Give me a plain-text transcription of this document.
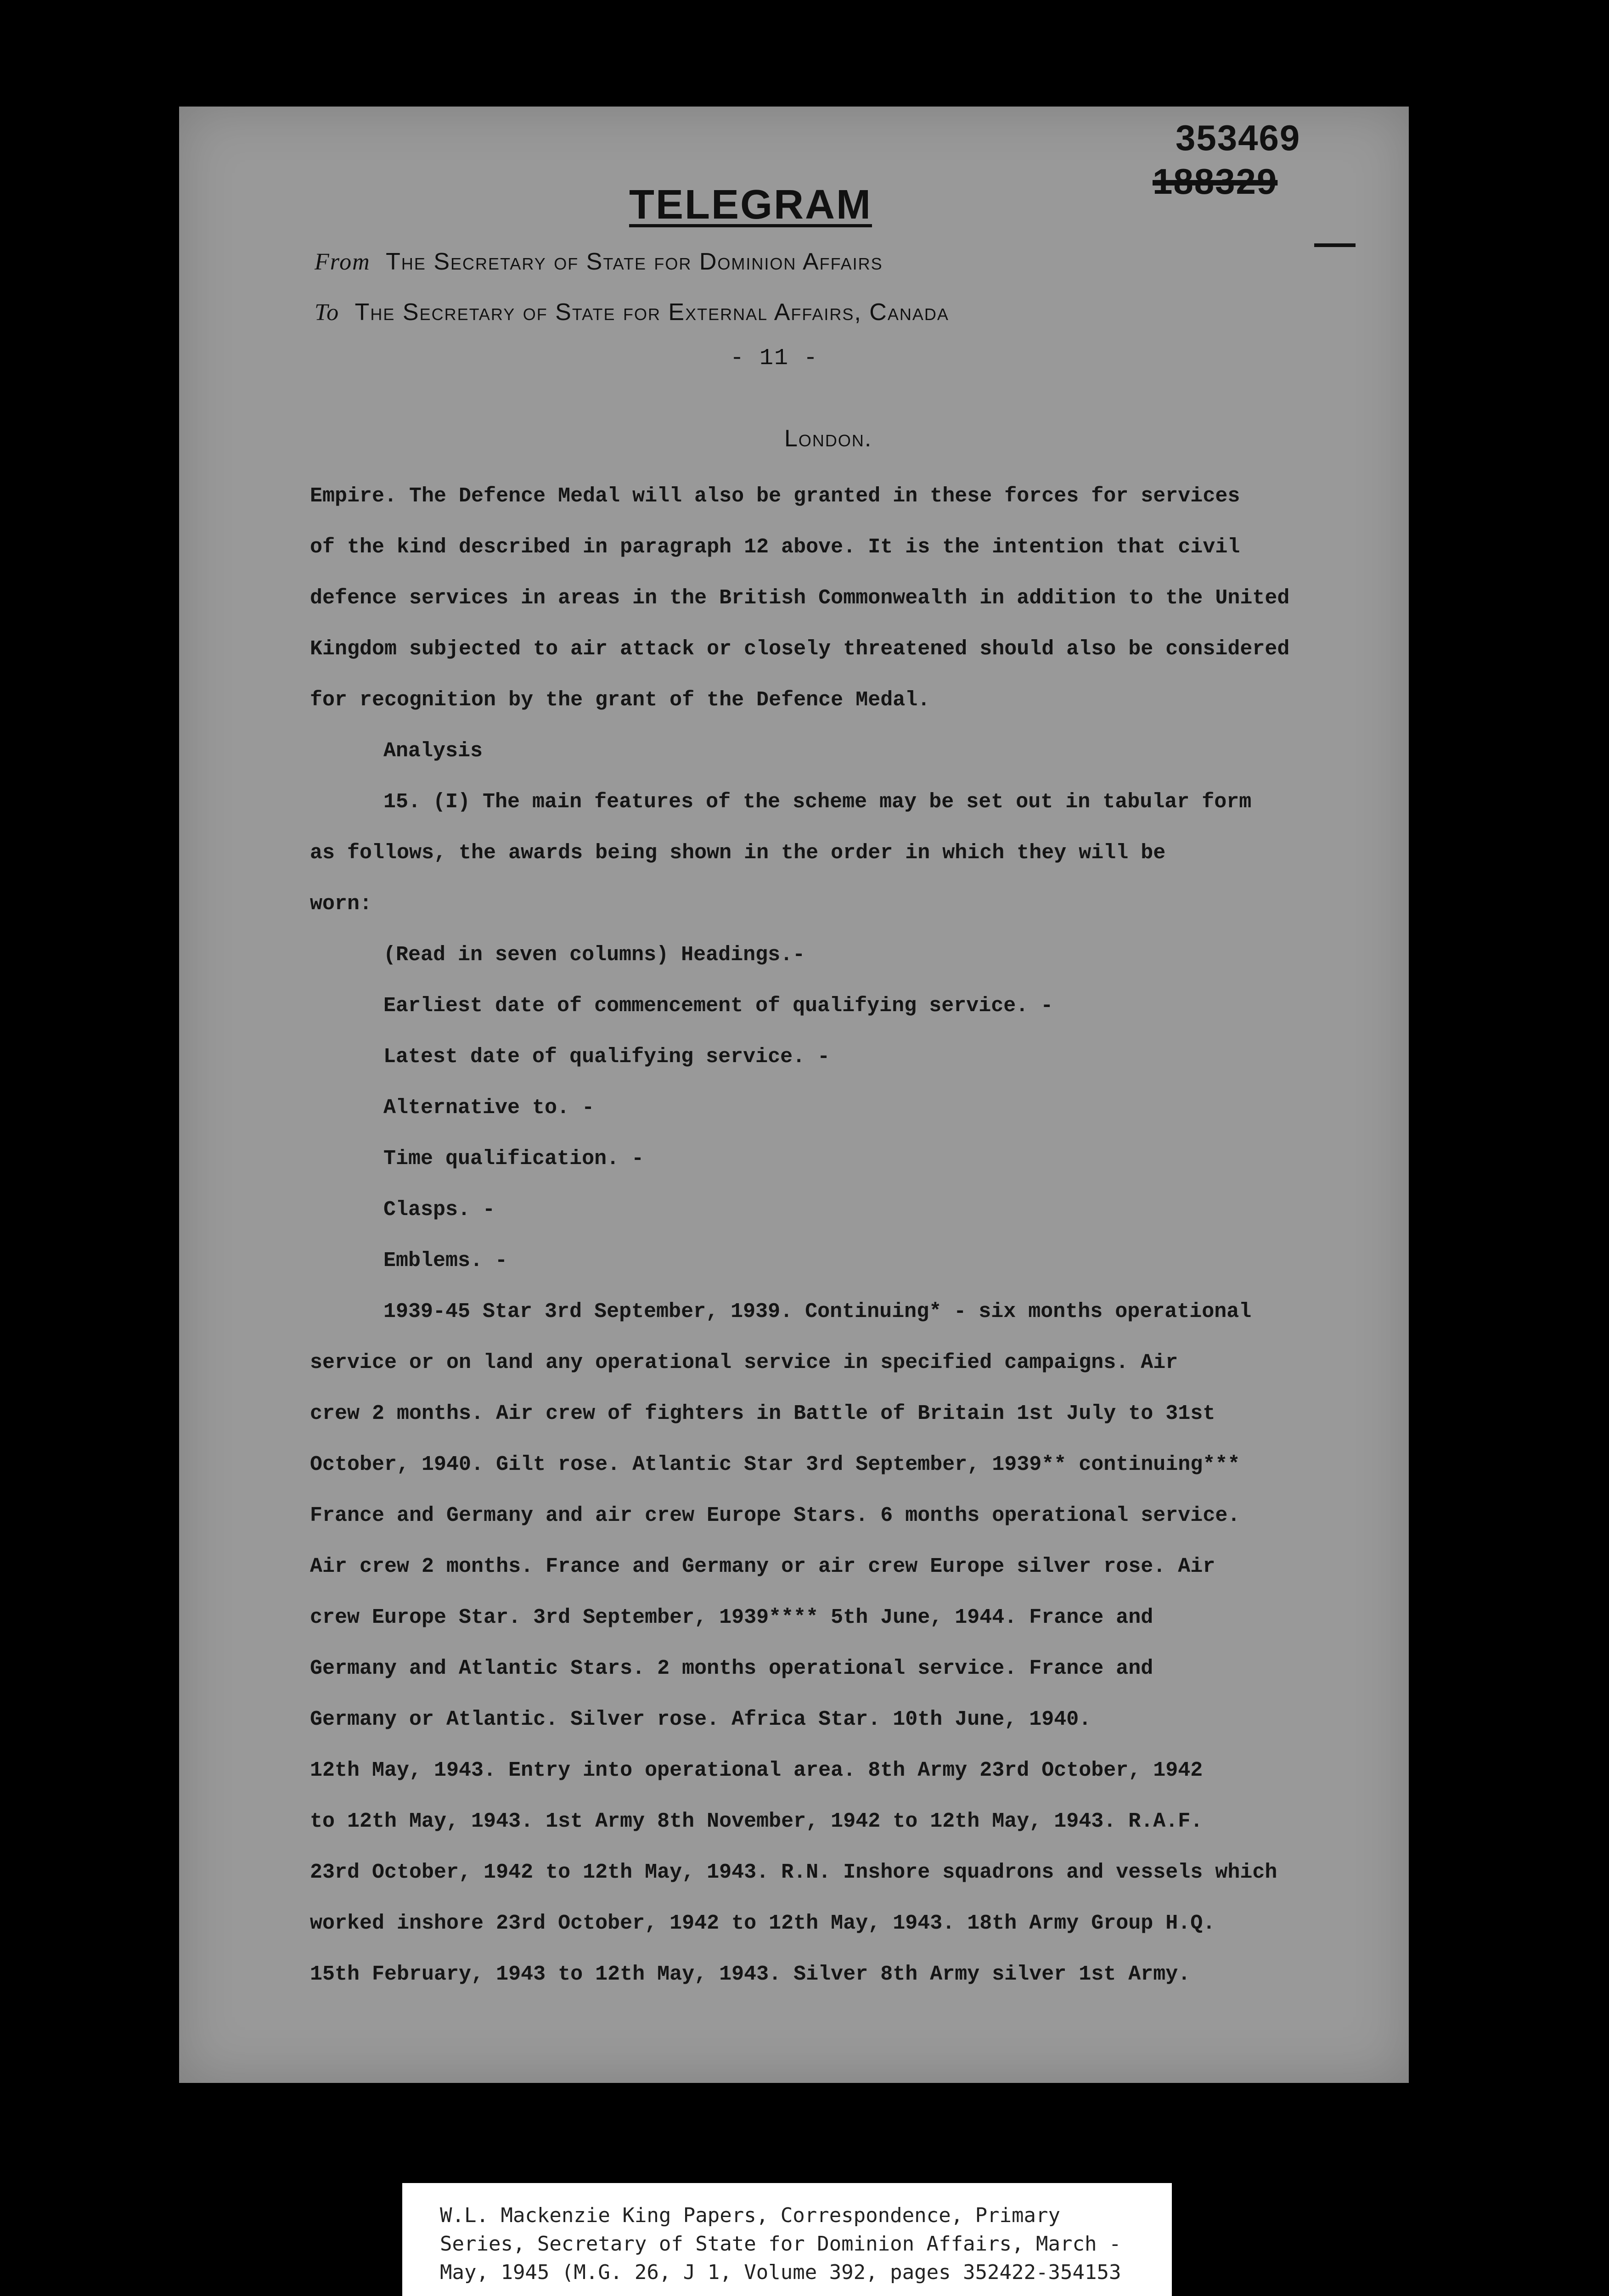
353469
188329
TELEGRAM
From The Secretary of State for Dominion Affairs
To The Secretary of State for External Affairs, Canada
- 11 -
London.

Empire. The Defence Medal will also be granted in these forces for services

of the kind described in paragraph 12 above. It is the intention that civil

defence services in areas in the British Commonwealth in addition to the United

Kingdom subjected to air attack or closely threatened should also be considered

for recognition by the grant of the Defence Medal.

Analysis

15. (I) The main features of the scheme may be set out in tabular form

as follows, the awards being shown in the order in which they will be

worn:

(Read in seven columns) Headings.-

Earliest date of commencement of qualifying service. -

Latest date of qualifying service. -

Alternative to. -

Time qualification. -

Clasps. -

Emblems. -

1939-45 Star 3rd September, 1939. Continuing* - six months operational

service or on land any operational service in specified campaigns. Air

crew 2 months. Air crew of fighters in Battle of Britain 1st July to 31st

October, 1940. Gilt rose. Atlantic Star 3rd September, 1939** continuing***

France and Germany and air crew Europe Stars. 6 months operational service.

Air crew 2 months. France and Germany or air crew Europe silver rose. Air

crew Europe Star. 3rd September, 1939**** 5th June, 1944. France and

Germany and Atlantic Stars. 2 months operational service. France and

Germany or Atlantic. Silver rose. Africa Star. 10th June, 1940.

12th May, 1943. Entry into operational area. 8th Army 23rd October, 1942

to 12th May, 1943. 1st Army 8th November, 1942 to 12th May, 1943. R.A.F.

23rd October, 1942 to 12th May, 1943. R.N. Inshore squadrons and vessels which

worked inshore 23rd October, 1942 to 12th May, 1943. 18th Army Group H.Q.

15th February, 1943 to 12th May, 1943. Silver 8th Army silver 1st Army.

W.L. Mackenzie King Papers, Correspondence, Primary
Series, Secretary of State for Dominion Affairs, March -
May, 1945 (M.G. 26, J 1, Volume 392, pages 352422-354153
